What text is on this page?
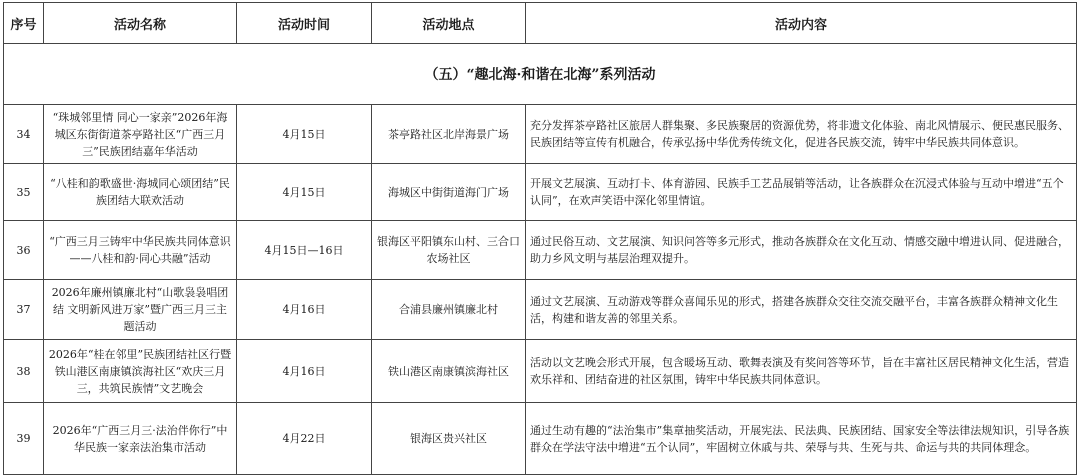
序号	活动名称	活动时间	活动地点	活动内容
（五）“趣北海·和谐在北海”系列活动				
34	“珠城邻里情 同心一家亲”2026年海城区东街街道茶亭路社区“广西三月三”民族团结嘉年华活动	4月15日	茶亭路社区北岸海景广场	充分发挥茶亭路社区旅居人群集聚、多民族聚居的资源优势，将非遗文化体验、南北风情展示、便民惠民服务、民族团结等宣传有机融合，传承弘扬中华优秀传统文化，促进各民族交流，铸牢中华民族共同体意识。
35	“八桂和韵歌盛世·海城同心颂团结”民族团结大联欢活动	4月15日	海城区中街街道海门广场	开展文艺展演、互动打卡、体育游园、民族手工艺品展销等活动，让各族群众在沉浸式体验与互动中增进“五个认同”，在欢声笑语中深化邻里情谊。
36	“广西三月三铸牢中华民族共同体意识——八桂和韵·同心共融”活动	4月15日—16日	银海区平阳镇东山村、三合口农场社区	通过民俗互动、文艺展演、知识问答等多元形式，推动各族群众在文化互动、情感交融中增进认同、促进融合，助力乡风文明与基层治理双提升。
37	2026年廉州镇廉北村“山歌袅袅唱团结 文明新风进万家”暨广西三月三主题活动	4月16日	合浦县廉州镇廉北村	通过文艺展演、互动游戏等群众喜闻乐见的形式，搭建各族群众交往交流交融平台，丰富各族群众精神文化生活，构建和谐友善的邻里关系。
38	2026年“桂在邻里”民族团结社区行暨铁山港区南康镇滨海社区“欢庆三月三，共筑民族情”文艺晚会	4月16日	铁山港区南康镇滨海社区	活动以文艺晚会形式开展，包含暖场互动、歌舞表演及有奖问答等环节，旨在丰富社区居民精神文化生活，营造欢乐祥和、团结奋进的社区氛围，铸牢中华民族共同体意识。
39	2026年“广西三月三·法治伴你行”中华民族一家亲法治集市活动	4月22日	银海区贵兴社区	通过生动有趣的“法治集市”集章抽奖活动，开展宪法、民法典、民族团结、国家安全等法律法规知识，引导各族群众在学法守法中增进“五个认同”，牢固树立休戚与共、荣辱与共、生死与共、命运与共的共同体理念。
